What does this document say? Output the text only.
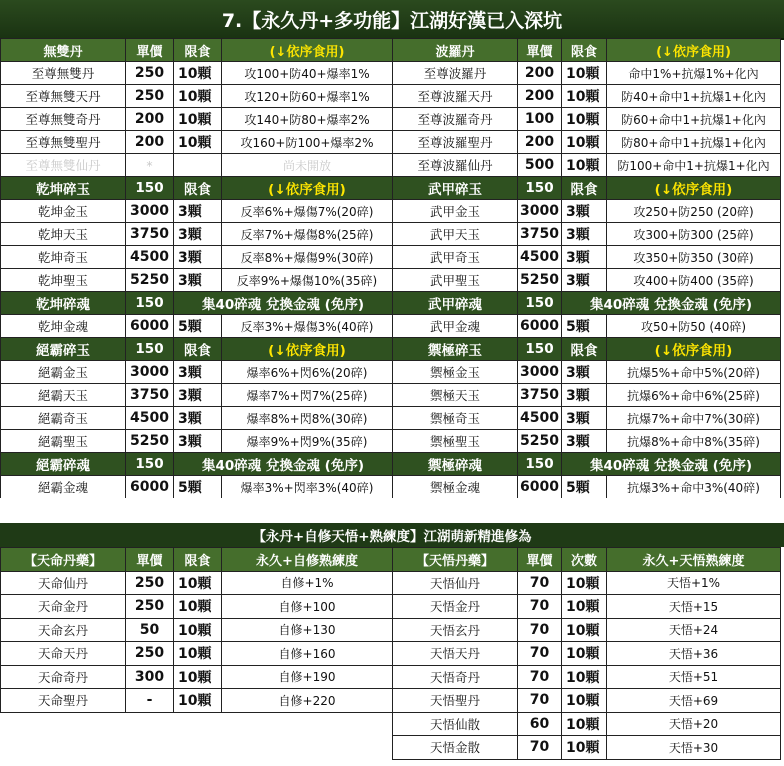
7.【永久丹+多功能】江湖好漢已入深坑
無雙丹	單價	限食	(↓依序食用)
至尊無雙丹	250 10顆	攻100+防40+爆率1%
至尊無雙天丹	250 10顆	攻120+防60+爆率1%
至尊無雙奇丹	200 10顆	攻140+防80+爆率2%
至尊無雙聖丹	200 10顆	攻160+防100+爆率2%
至尊無雙仙丹	*	尚未開放
乾坤碎玉	150	限食	(↓依序食用)
乾坤金玉	3000 3顆	反率6%+爆傷7%(20碎)
乾坤天玉	3750 3顆	反率7%+爆傷8%(25碎)
乾坤奇玉	4500 3顆	反率8%+爆傷9%(30碎)
乾坤聖玉	5250 3顆	反率9%+爆傷10%(35碎)
乾坤碎魂	150	集40碎魂 兌換金魂 (免序)
乾坤金魂	6000 5顆	反率3%+爆傷3%(40碎)
絕霸碎玉	150	限食	(↓依序食用)
絕霸金玉	3000 3顆	爆率6%+閃6%(20碎)
絕霸天玉	3750 3顆	爆率7%+閃7%(25碎)
絕霸奇玉	4500 3顆	爆率8%+閃8%(30碎)
絕霸聖玉	5250 3顆	爆率9%+閃9%(35碎)
絕霸碎魂	150	集40碎魂 兌換金魂 (免序)
絕霸金魂	6000 5顆	爆率3%+閃率3%(40碎)
波羅丹	單價	限食	(↓依序食用)
至尊波羅丹	200 10顆	命中1%+抗爆1%+化內
至尊波羅天丹	200 10顆	防40+命中1+抗爆1+化內
至尊波羅奇丹	100 10顆	防60+命中1+抗爆1+化內
至尊波羅聖丹	200 10顆	防80+命中1+抗爆1+化內
至尊波羅仙丹	500 10顆	防100+命中1+抗爆1+化內
武甲碎玉	150	限食	(↓依序食用)
武甲金玉	3000 3顆	攻250+防250 (20碎)
武甲天玉	3750 3顆	攻300+防300 (25碎)
武甲奇玉	4500 3顆	攻350+防350 (30碎)
武甲聖玉	5250 3顆	攻400+防400 (35碎)
武甲碎魂	150	集40碎魂 兌換金魂 (免序)
武甲金魂	6000 5顆	攻50+防50 (40碎)
禦極碎玉	150	限食	(↓依序食用)
禦極金玉	3000 3顆	抗爆5%+命中5%(20碎)
禦極天玉	3750 3顆	抗爆6%+命中6%(25碎)
禦極奇玉	4500 3顆	抗爆7%+命中7%(30碎)
禦極聖玉	5250 3顆	抗爆8%+命中8%(35碎)
禦極碎魂	150	集40碎魂 兌換金魂 (免序)
禦極金魂	6000 5顆	抗爆3%+命中3%(40碎)
【永丹+自修天悟+熟練度】江湖萌新精進修為
【天命丹藥】	單價	限食	永久+自修熟練度
天命仙丹	250 10顆	自修+1%
天命金丹	250 10顆	自修+100
天命玄丹	50	10顆	自修+130
天命天丹	250 10顆	自修+160
天命奇丹	300 10顆	自修+190
天命聖丹	-	10顆	自修+220
【天悟丹藥】	單價	次數	永久+天悟熟練度
天悟仙丹	70	10顆	天悟+1%
天悟金丹	70	10顆	天悟+15
天悟玄丹	70	10顆	天悟+24
天悟天丹	70	10顆	天悟+36
天悟奇丹	70	10顆	天悟+51
天悟聖丹	70	10顆	天悟+69
天悟仙散	60	10顆	天悟+20
天悟金散	70	10顆	天悟+30
